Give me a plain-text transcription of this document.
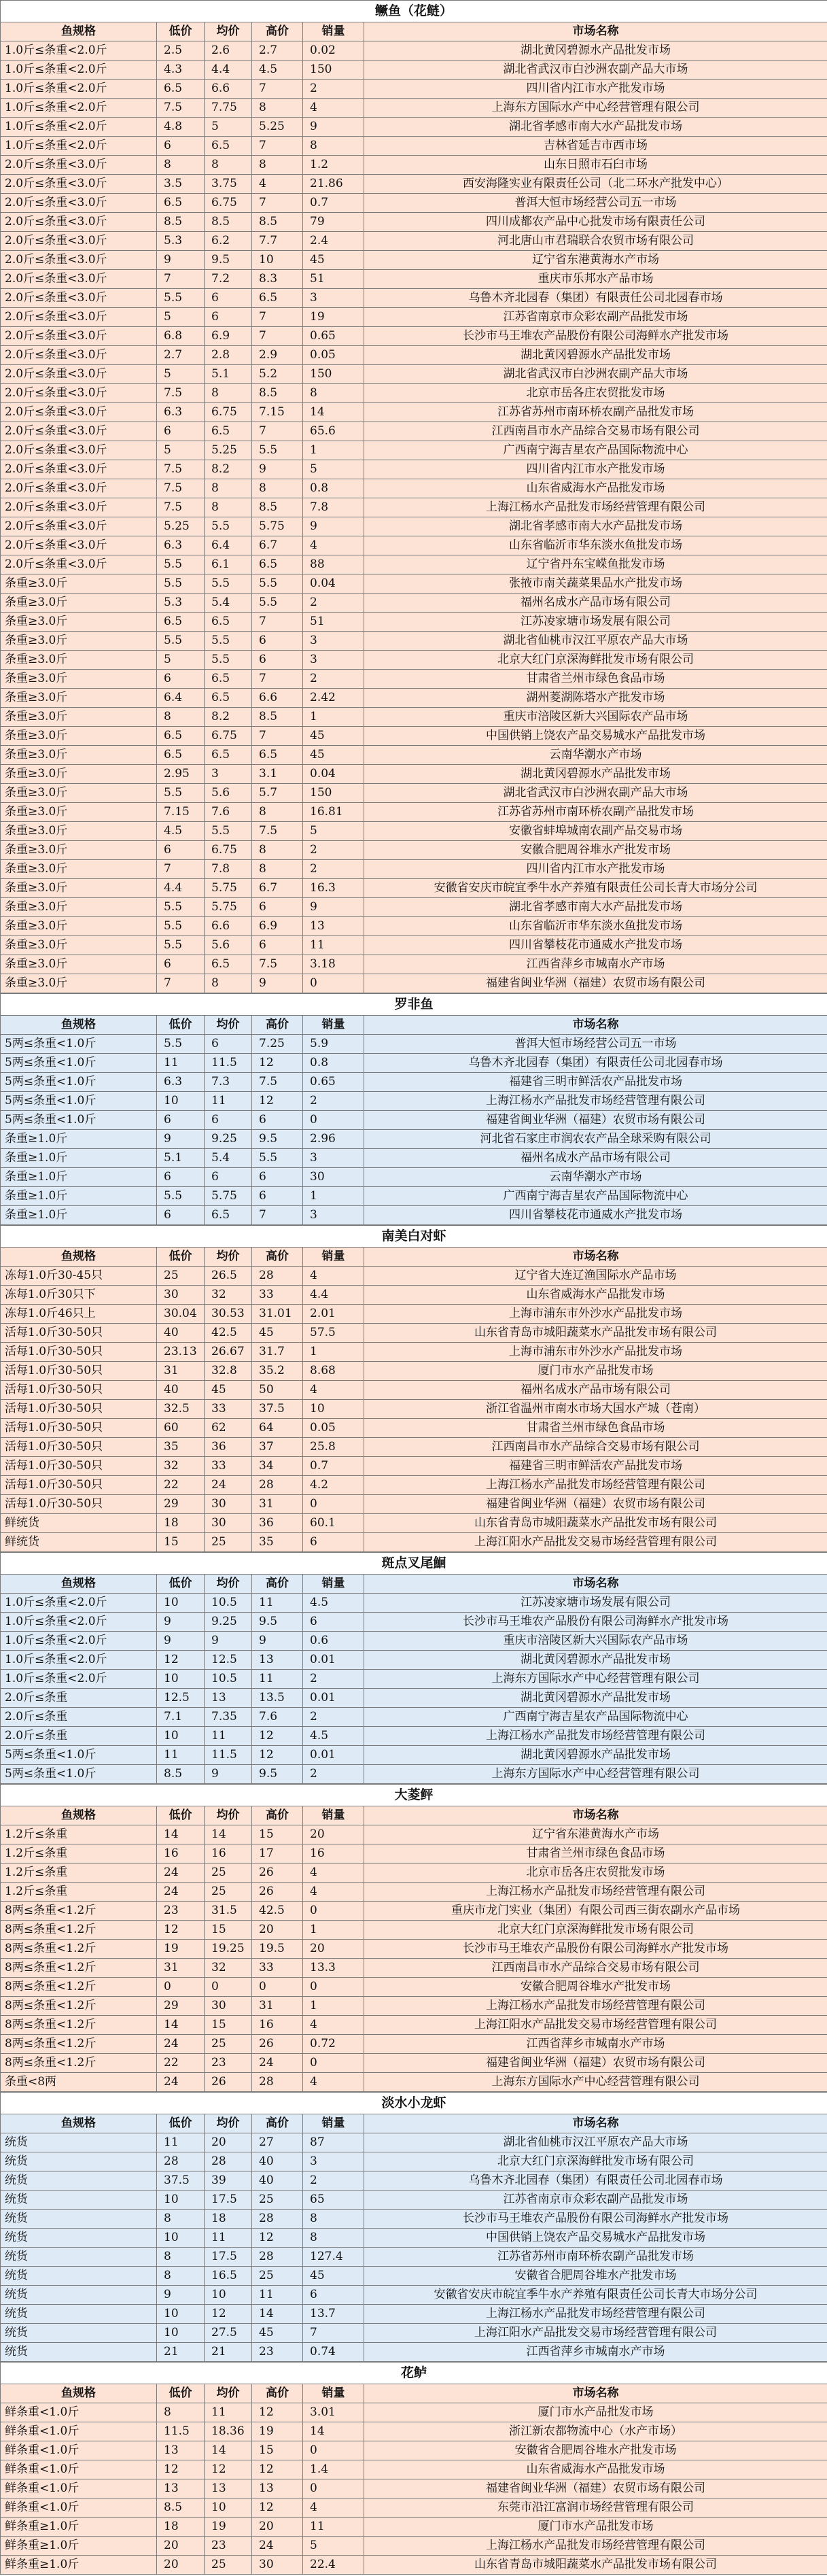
鳜鱼（花鲢）					
鱼规格	低价	均价	高价	销量	市场名称
1.0斤≤条重<2.0斤	2.5	2.6	2.7	0.02	湖北黄冈碧源水产品批发市场
1.0斤≤条重<2.0斤	4.3	4.4	4.5	150	湖北省武汉市白沙洲农副产品大市场
1.0斤≤条重<2.0斤	6.5	6.6	7	2	四川省内江市水产批发市场
1.0斤≤条重<2.0斤	7.5	7.75	8	4	上海东方国际水产中心经营管理有限公司
1.0斤≤条重<2.0斤	4.8	5	5.25	9	湖北省孝感市南大水产品批发市场
1.0斤≤条重<2.0斤	6	6.5	7	8	吉林省延吉市西市场
2.0斤≤条重<3.0斤	8	8	8	1.2	山东日照市石臼市场
2.0斤≤条重<3.0斤	3.5	3.75	4	21.86	西安海隆实业有限责任公司（北二环水产批发中心）
2.0斤≤条重<3.0斤	6.5	6.75	7	0.7	普洱大恒市场经营公司五一市场
2.0斤≤条重<3.0斤	8.5	8.5	8.5	79	四川成都农产品中心批发市场有限责任公司
2.0斤≤条重<3.0斤	5.3	6.2	7.7	2.4	河北唐山市君瑞联合农贸市场有限公司
2.0斤≤条重<3.0斤	9	9.5	10	45	辽宁省东港黄海水产市场
2.0斤≤条重<3.0斤	7	7.2	8.3	51	重庆市乐邦水产品市场
2.0斤≤条重<3.0斤	5.5	6	6.5	3	乌鲁木齐北园春（集团）有限责任公司北园春市场
2.0斤≤条重<3.0斤	5	6	7	19	江苏省南京市众彩农副产品批发市场
2.0斤≤条重<3.0斤	6.8	6.9	7	0.65	长沙市马王堆农产品股份有限公司海鲜水产批发市场
2.0斤≤条重<3.0斤	2.7	2.8	2.9	0.05	湖北黄冈碧源水产品批发市场
2.0斤≤条重<3.0斤	5	5.1	5.2	150	湖北省武汉市白沙洲农副产品大市场
2.0斤≤条重<3.0斤	7.5	8	8.5	8	北京市岳各庄农贸批发市场
2.0斤≤条重<3.0斤	6.3	6.75	7.15	14	江苏省苏州市南环桥农副产品批发市场
2.0斤≤条重<3.0斤	6	6.5	7	65.6	江西南昌市水产品综合交易市场有限公司
2.0斤≤条重<3.0斤	5	5.25	5.5	1	广西南宁海吉星农产品国际物流中心
2.0斤≤条重<3.0斤	7.5	8.2	9	5	四川省内江市水产批发市场
2.0斤≤条重<3.0斤	7.5	8	8	0.8	山东省威海水产品批发市场
2.0斤≤条重<3.0斤	7.5	8	8.5	7.8	上海江杨水产品批发市场经营管理有限公司
2.0斤≤条重<3.0斤	5.25	5.5	5.75	9	湖北省孝感市南大水产品批发市场
2.0斤≤条重<3.0斤	6.3	6.4	6.7	4	山东省临沂市华东淡水鱼批发市场
2.0斤≤条重<3.0斤	5.5	6.1	6.5	88	辽宁省丹东宝嵘鱼批发市场
条重≥3.0斤	5.5	5.5	5.5	0.04	张掖市南关蔬菜果品水产批发市场
条重≥3.0斤	5.3	5.4	5.5	2	福州名成水产品市场有限公司
条重≥3.0斤	6.5	6.5	7	51	江苏凌家塘市场发展有限公司
条重≥3.0斤	5.5	5.5	6	3	湖北省仙桃市汉江平原农产品大市场
条重≥3.0斤	5	5.5	6	3	北京大红门京深海鲜批发市场有限公司
条重≥3.0斤	6	6.5	7	2	甘肃省兰州市绿色食品市场
条重≥3.0斤	6.4	6.5	6.6	2.42	湖州菱湖陈塔水产批发市场
条重≥3.0斤	8	8.2	8.5	1	重庆市涪陵区新大兴国际农产品市场
条重≥3.0斤	6.5	6.75	7	45	中国供销上饶农产品交易城水产品批发市场
条重≥3.0斤	6.5	6.5	6.5	45	云南华潮水产市场
条重≥3.0斤	2.95	3	3.1	0.04	湖北黄冈碧源水产品批发市场
条重≥3.0斤	5.5	5.6	5.7	150	湖北省武汉市白沙洲农副产品大市场
条重≥3.0斤	7.15	7.6	8	16.81	江苏省苏州市南环桥农副产品批发市场
条重≥3.0斤	4.5	5.5	7.5	5	安徽省蚌埠城南农副产品交易市场
条重≥3.0斤	6	6.75	8	2	安徽合肥周谷堆水产批发市场
条重≥3.0斤	7	7.8	8	2	四川省内江市水产批发市场
条重≥3.0斤	4.4	5.75	6.7	16.3	安徽省安庆市皖宜季牛水产养殖有限责任公司长青大市场分公司
条重≥3.0斤	5.5	5.75	6	9	湖北省孝感市南大水产品批发市场
条重≥3.0斤	5.5	6.6	6.9	13	山东省临沂市华东淡水鱼批发市场
条重≥3.0斤	5.5	5.6	6	11	四川省攀枝花市通威水产批发市场
条重≥3.0斤	6	6.5	7.5	3.18	江西省萍乡市城南水产市场
条重≥3.0斤	7	8	9	0	福建省闽业华洲（福建）农贸市场有限公司
罗非鱼					
鱼规格	低价	均价	高价	销量	市场名称
5两≤条重<1.0斤	5.5	6	7.25	5.9	普洱大恒市场经营公司五一市场
5两≤条重<1.0斤	11	11.5	12	0.8	乌鲁木齐北园春（集团）有限责任公司北园春市场
5两≤条重<1.0斤	6.3	7.3	7.5	0.65	福建省三明市鲜活农产品批发市场
5两≤条重<1.0斤	10	11	12	2	上海江杨水产品批发市场经营管理有限公司
5两≤条重<1.0斤	6	6	6	0	福建省闽业华洲（福建）农贸市场有限公司
条重≥1.0斤	9	9.25	9.5	2.96	河北省石家庄市润农农产品全球采购有限公司
条重≥1.0斤	5.1	5.4	5.5	3	福州名成水产品市场有限公司
条重≥1.0斤	6	6	6	30	云南华潮水产市场
条重≥1.0斤	5.5	5.75	6	1	广西南宁海吉星农产品国际物流中心
条重≥1.0斤	6	6.5	7	3	四川省攀枝花市通威水产批发市场
南美白对虾					
鱼规格	低价	均价	高价	销量	市场名称
冻每1.0斤30-45只	25	26.5	28	4	辽宁省大连辽渔国际水产品市场
冻每1.0斤30只下	30	32	33	4.4	山东省威海水产品批发市场
冻每1.0斤46只上	30.04	30.53	31.01	2.01	上海市浦东市外沙水产品批发市场
活每1.0斤30-50只	40	42.5	45	57.5	山东省青岛市城阳蔬菜水产品批发市场有限公司
活每1.0斤30-50只	23.13	26.67	31.7	1	上海市浦东市外沙水产品批发市场
活每1.0斤30-50只	31	32.8	35.2	8.68	厦门市水产品批发市场
活每1.0斤30-50只	40	45	50	4	福州名成水产品市场有限公司
活每1.0斤30-50只	32.5	33	37.5	10	浙江省温州市南水市场大国水产城（苍南）
活每1.0斤30-50只	60	62	64	0.05	甘肃省兰州市绿色食品市场
活每1.0斤30-50只	35	36	37	25.8	江西南昌市水产品综合交易市场有限公司
活每1.0斤30-50只	32	33	34	0.7	福建省三明市鲜活农产品批发市场
活每1.0斤30-50只	22	24	28	4.2	上海江杨水产品批发市场经营管理有限公司
活每1.0斤30-50只	29	30	31	0	福建省闽业华洲（福建）农贸市场有限公司
鲜统货	18	30	36	60.1	山东省青岛市城阳蔬菜水产品批发市场有限公司
鲜统货	15	25	35	6	上海江阳水产品批发交易市场经营管理有限公司
斑点叉尾鮰					
鱼规格	低价	均价	高价	销量	市场名称
1.0斤≤条重<2.0斤	10	10.5	11	4.5	江苏凌家塘市场发展有限公司
1.0斤≤条重<2.0斤	9	9.25	9.5	6	长沙市马王堆农产品股份有限公司海鲜水产批发市场
1.0斤≤条重<2.0斤	9	9	9	0.6	重庆市涪陵区新大兴国际农产品市场
1.0斤≤条重<2.0斤	12	12.5	13	0.01	湖北黄冈碧源水产品批发市场
1.0斤≤条重<2.0斤	10	10.5	11	2	上海东方国际水产中心经营管理有限公司
2.0斤≤条重	12.5	13	13.5	0.01	湖北黄冈碧源水产品批发市场
2.0斤≤条重	7.1	7.35	7.6	2	广西南宁海吉星农产品国际物流中心
2.0斤≤条重	10	11	12	4.5	上海江杨水产品批发市场经营管理有限公司
5两≤条重<1.0斤	11	11.5	12	0.01	湖北黄冈碧源水产品批发市场
5两≤条重<1.0斤	8.5	9	9.5	2	上海东方国际水产中心经营管理有限公司
大菱鲆					
鱼规格	低价	均价	高价	销量	市场名称
1.2斤≤条重	14	14	15	20	辽宁省东港黄海水产市场
1.2斤≤条重	16	16	17	16	甘肃省兰州市绿色食品市场
1.2斤≤条重	24	25	26	4	北京市岳各庄农贸批发市场
1.2斤≤条重	24	25	26	4	上海江杨水产品批发市场经营管理有限公司
8两≤条重<1.2斤	23	31.5	42.5	0	重庆市龙门实业（集团）有限公司西三街农副水产品市场
8两≤条重<1.2斤	12	15	20	1	北京大红门京深海鲜批发市场有限公司
8两≤条重<1.2斤	19	19.25	19.5	20	长沙市马王堆农产品股份有限公司海鲜水产批发市场
8两≤条重<1.2斤	31	32	33	13.3	江西南昌市水产品综合交易市场有限公司
8两≤条重<1.2斤	0	0	0	0	安徽合肥周谷堆水产批发市场
8两≤条重<1.2斤	29	30	31	1	上海江杨水产品批发市场经营管理有限公司
8两≤条重<1.2斤	14	15	16	4	上海江阳水产品批发交易市场经营管理有限公司
8两≤条重<1.2斤	24	25	26	0.72	江西省萍乡市城南水产市场
8两≤条重<1.2斤	22	23	24	0	福建省闽业华洲（福建）农贸市场有限公司
条重<8两	24	26	28	4	上海东方国际水产中心经营管理有限公司
淡水小龙虾					
鱼规格	低价	均价	高价	销量	市场名称
统货	11	20	27	87	湖北省仙桃市汉江平原农产品大市场
统货	28	28	40	3	北京大红门京深海鲜批发市场有限公司
统货	37.5	39	40	2	乌鲁木齐北园春（集团）有限责任公司北园春市场
统货	10	17.5	25	65	江苏省南京市众彩农副产品批发市场
统货	8	18	28	8	长沙市马王堆农产品股份有限公司海鲜水产批发市场
统货	10	11	12	8	中国供销上饶农产品交易城水产品批发市场
统货	8	17.5	28	127.4	江苏省苏州市南环桥农副产品批发市场
统货	8	16.5	25	45	安徽省合肥周谷堆水产批发市场
统货	9	10	11	6	安徽省安庆市皖宜季牛水产养殖有限责任公司长青大市场分公司
统货	10	12	14	13.7	上海江杨水产品批发市场经营管理有限公司
统货	10	27.5	45	7	上海江阳水产品批发交易市场经营管理有限公司
统货	21	21	23	0.74	江西省萍乡市城南水产市场
花鲈					
鱼规格	低价	均价	高价	销量	市场名称
鲜条重<1.0斤	8	11	12	3.01	厦门市水产品批发市场
鲜条重<1.0斤	11.5	18.36	19	14	浙江新农都物流中心（水产市场）
鲜条重<1.0斤	13	14	15	0	安徽省合肥周谷堆水产批发市场
鲜条重<1.0斤	12	12	12	1.4	山东省威海水产品批发市场
鲜条重<1.0斤	13	13	13	0	福建省闽业华洲（福建）农贸市场有限公司
鲜条重<1.0斤	8.5	10	12	4	东莞市沿江富润市场经营管理有限公司
鲜条重≥1.0斤	18	19	20	11	厦门市水产品批发市场
鲜条重≥1.0斤	20	23	24	5	上海江杨水产品批发市场经营管理有限公司
鲜条重≥1.0斤	20	25	30	22.4	山东省青岛市城阳蔬菜水产品批发市场有限公司
